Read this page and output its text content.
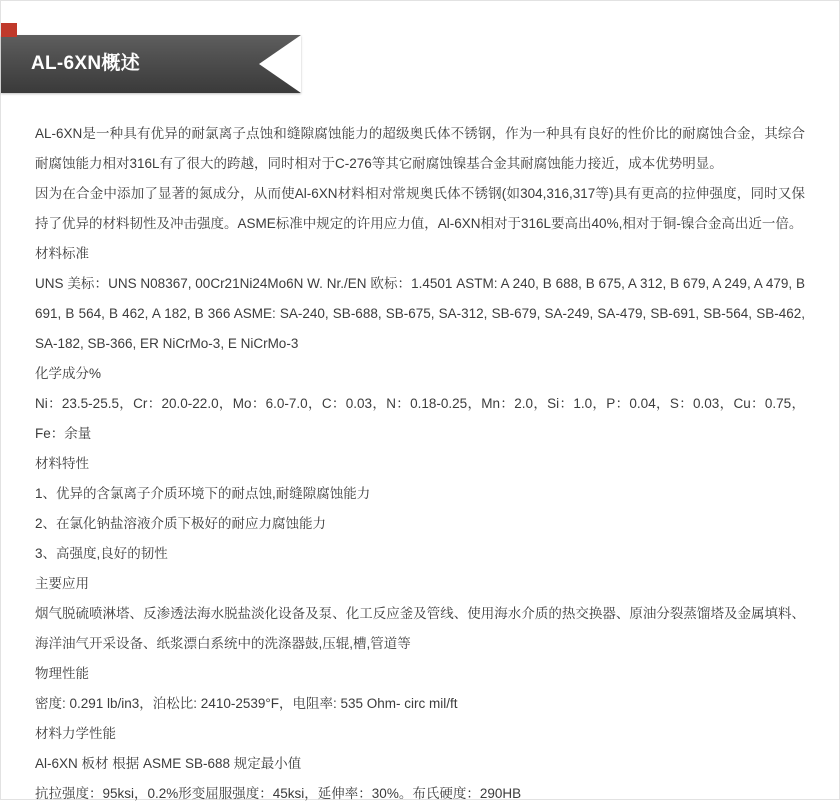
AL-6XN概述

AL-6XN是一种具有优异的耐氯离子点蚀和缝隙腐蚀能力的超级奥氏体不锈钢，作为一种具有良好的性价比的耐腐蚀合金，其综合耐腐蚀能力相对316L有了很大的跨越，同时相对于C-276等其它耐腐蚀镍基合金其耐腐蚀能力接近，成本优势明显。

因为在合金中添加了显著的氮成分，从而使Al-6XN材料相对常规奥氏体不锈钢(如304,316,317等)具有更高的拉伸强度，同时又保持了优异的材料韧性及冲击强度。ASME标准中规定的许用应力值，Al-6XN相对于316L要高出40%,相对于铜-镍合金高出近一倍。

材料标准

UNS 美标：UNS N08367, 00Cr21Ni24Mo6N W. Nr./EN 欧标：1.4501 ASTM: A 240, B 688, B 675, A 312, B 679, A 249, A 479, B 691, B 564, B 462, A 182, B 366 ASME: SA-240, SB-688, SB-675, SA-312, SB-679, SA-249, SA-479, SB-691, SB-564, SB-462, SA-182, SB-366, ER NiCrMo-3, E NiCrMo-3

化学成分%

Ni：23.5-25.5，Cr：20.0-22.0，Mo：6.0-7.0，C：0.03，N：0.18-0.25，Mn：2.0，Si：1.0，P：0.04，S：0.03，Cu：0.75，Fe：余量

材料特性

1、优异的含氯离子介质环境下的耐点蚀,耐缝隙腐蚀能力

2、在氯化钠盐溶液介质下极好的耐应力腐蚀能力

3、高强度,良好的韧性

主要应用

烟气脱硫喷淋塔、反渗透法海水脱盐淡化设备及泵、化工反应釜及管线、使用海水介质的热交换器、原油分裂蒸馏塔及金属填料、海洋油气开采设备、纸浆漂白系统中的洗涤器鼓,压辊,槽,管道等

物理性能

密度: 0.291 lb/in3，泊松比: 2410-2539°F，电阻率: 535 Ohm- circ mil/ft

材料力学性能

Al-6XN 板材 根据 ASME SB-688 规定最小值

抗拉强度：95ksi，0.2%形变屈服强度：45ksi，延伸率：30%。布氏硬度：290HB
